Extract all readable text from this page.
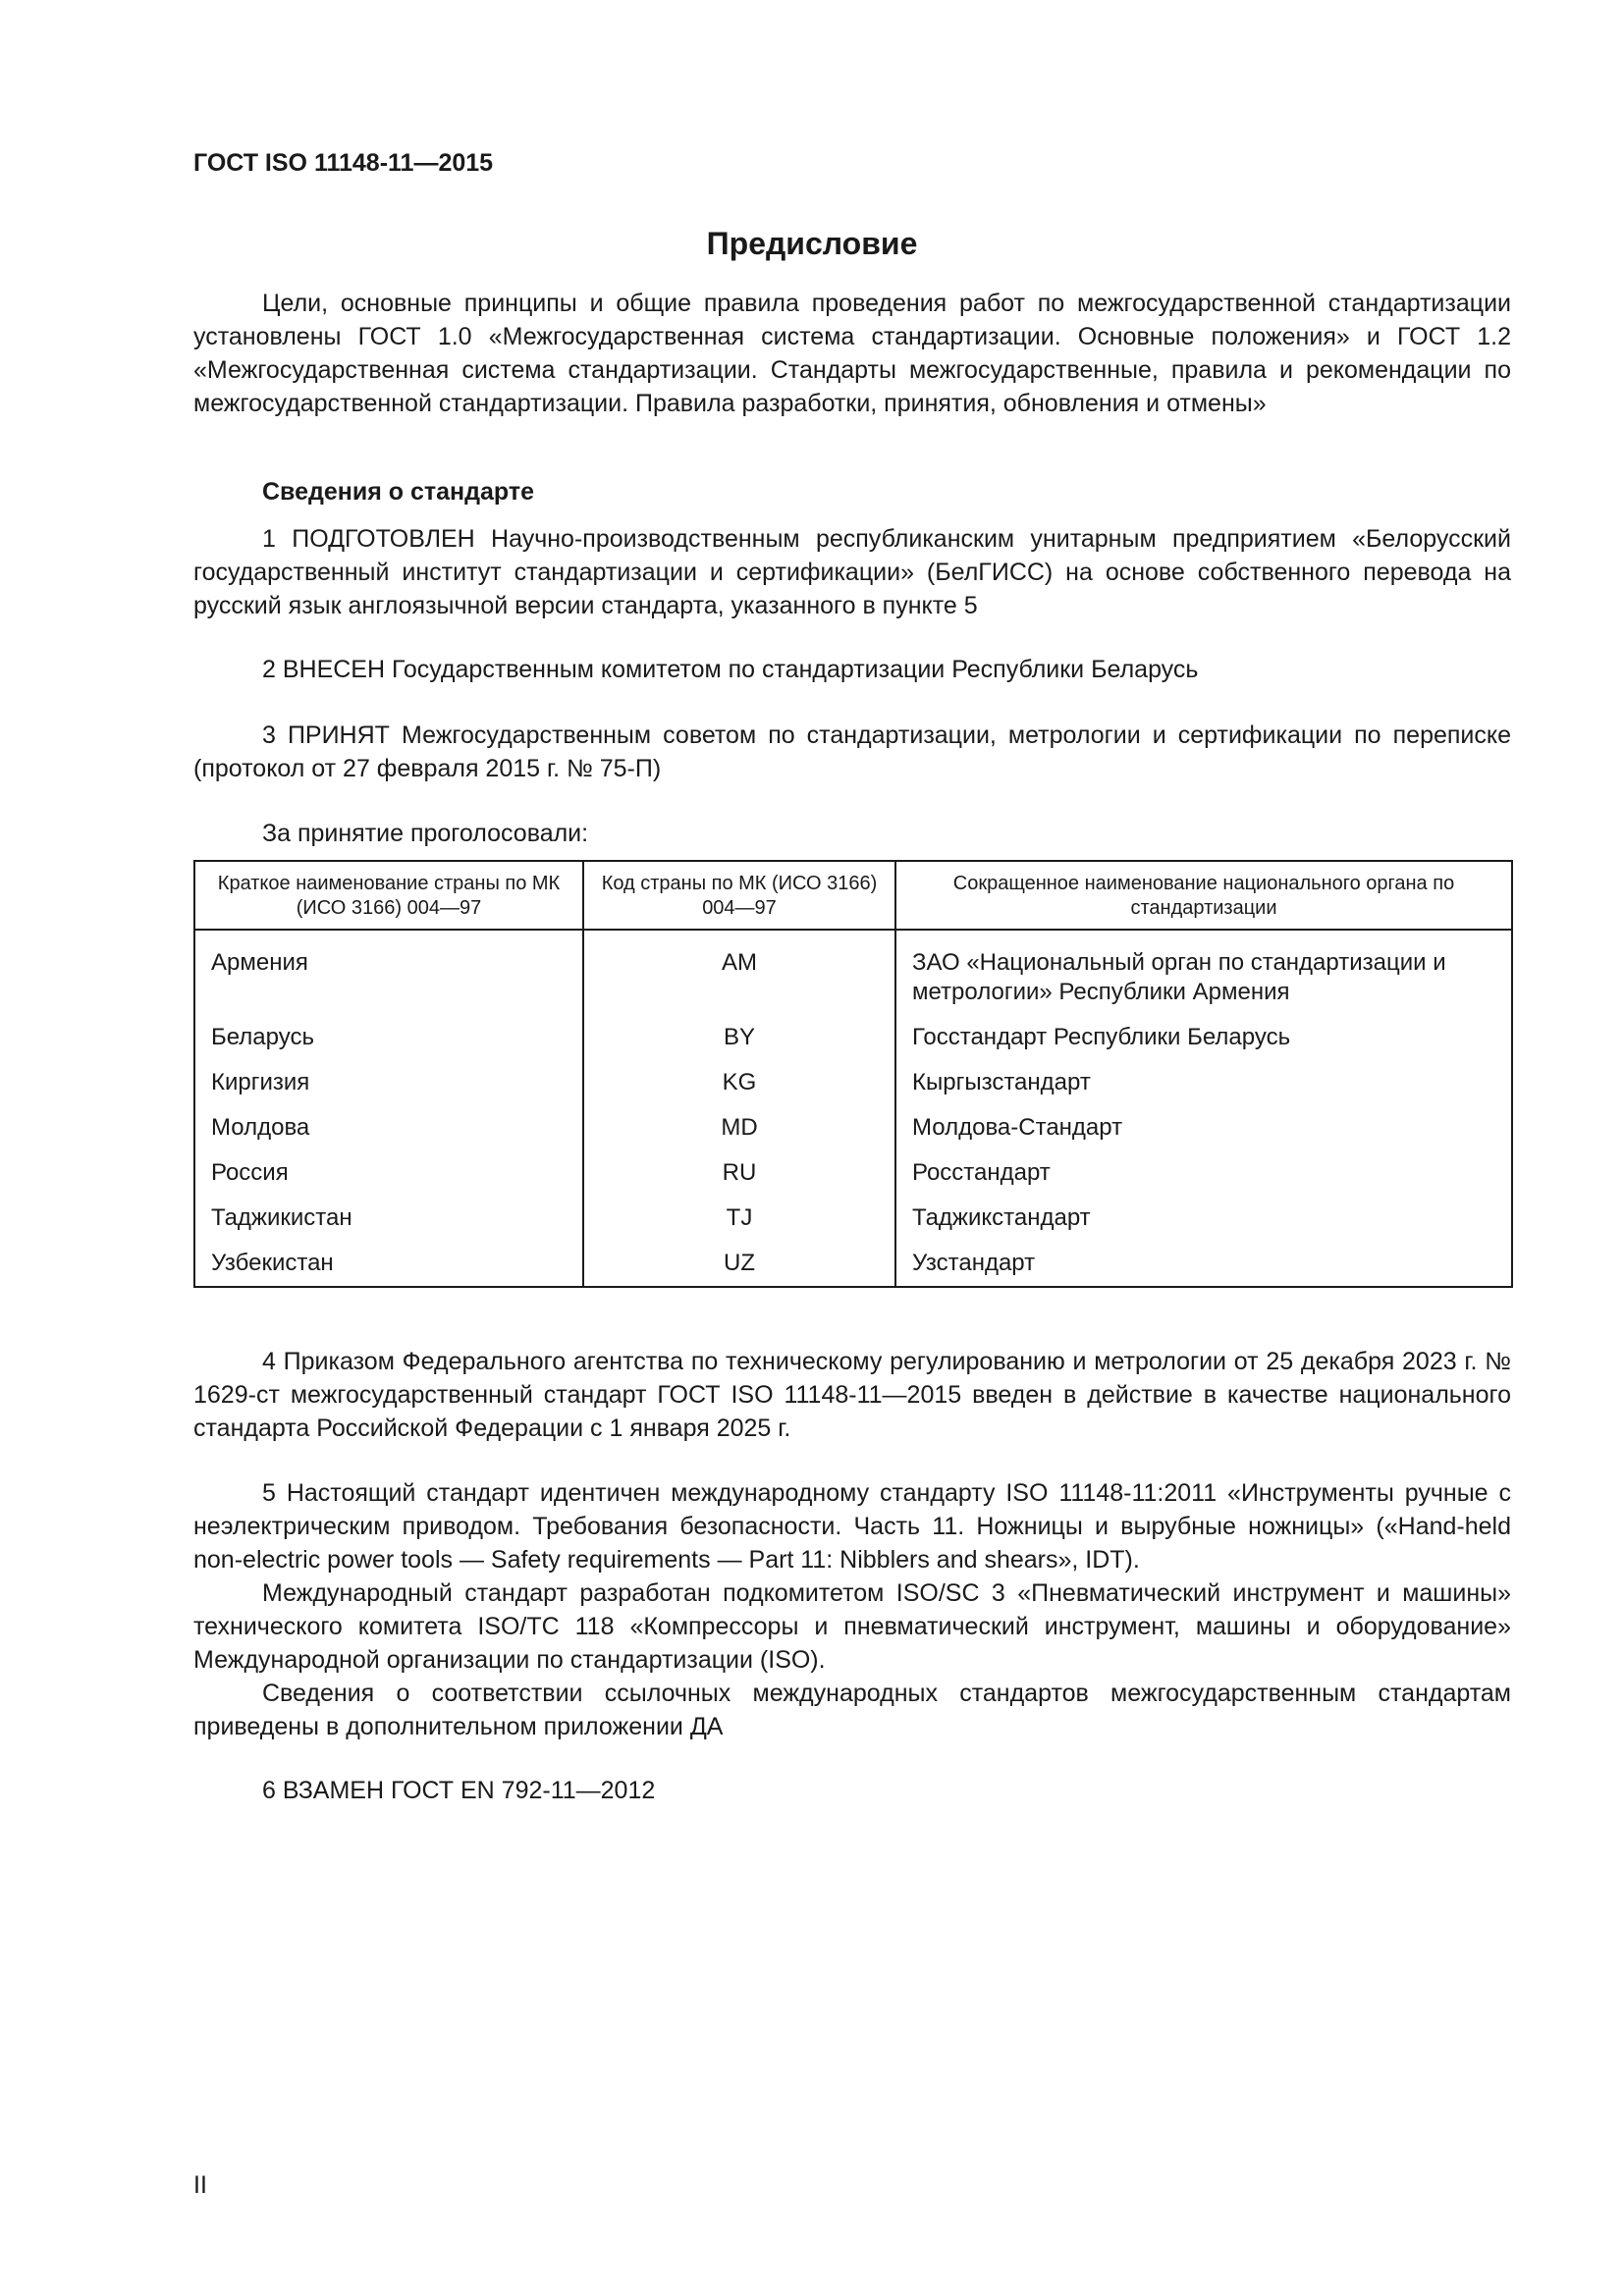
ГОСТ ISO 11148-11—2015
Предисловие

Цели, основные принципы и общие правила проведения работ по межгосударственной стандартизации установлены ГОСТ 1.0 «Межгосударственная система стандартизации. Основные положения» и ГОСТ 1.2 «Межгосударственная система стандартизации. Стандарты межгосударственные, правила и рекомендации по межгосударственной стандартизации. Правила разработки, принятия, обновления и отмены»

Сведения о стандарте

1 ПОДГОТОВЛЕН Научно-производственным республиканским унитарным предприятием «Белорусский государственный институт стандартизации и сертификации» (БелГИСС) на основе собственного перевода на русский язык англоязычной версии стандарта, указанного в пункте 5

2 ВНЕСЕН Государственным комитетом по стандартизации Республики Беларусь

3 ПРИНЯТ Межгосударственным советом по стандартизации, метрологии и сертификации по переписке (протокол от 27 февраля 2015 г. № 75-П)

За принятие проголосовали:

Краткое наименование страны по МК (ИСО 3166) 004—97	Код страны по МК (ИСО 3166) 004—97	Сокращенное наименование национального органа по стандартизации
Армения	AM	ЗАО «Национальный орган по стандартизации и метрологии» Республики Армения
Беларусь	BY	Госстандарт Республики Беларусь
Киргизия	KG	Кыргызстандарт
Молдова	MD	Молдова-Стандарт
Россия	RU	Росстандарт
Таджикистан	TJ	Таджикстандарт
Узбекистан	UZ	Узстандарт

4 Приказом Федерального агентства по техническому регулированию и метрологии от 25 декабря 2023 г. № 1629-ст межгосударственный стандарт ГОСТ ISO 11148-11—2015 введен в действие в качестве национального стандарта Российской Федерации с 1 января 2025 г.

5 Настоящий стандарт идентичен международному стандарту ISO 11148-11:2011 «Инструменты ручные с неэлектрическим приводом. Требования безопасности. Часть 11. Ножницы и вырубные ножницы» («Hand-held non-electric power tools — Safety requirements — Part 11: Nibblers and shears», IDT).

Международный стандарт разработан подкомитетом ISO/SC 3 «Пневматический инструмент и машины» технического комитета ISO/TC 118 «Компрессоры и пневматический инструмент, машины и оборудование» Международной организации по стандартизации (ISO).

Сведения о соответствии ссылочных международных стандартов межгосударственным стандартам приведены в дополнительном приложении ДА

6 ВЗАМЕН ГОСТ EN 792-11—2012

II
